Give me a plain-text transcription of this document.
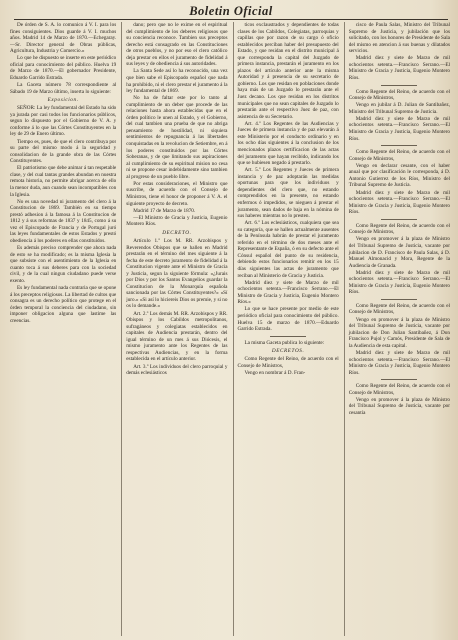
Boletin Oficial

De órden de S. A. lo comunico á V. I. para los fines consiguientes. Dios guarde á V. I. muchos años. Madrid 14 de Marzo de 1870.—Echegaray.—Sr. Director general de Obras públicas, Agricultura, Industria y Comercio.»

Lo que he dispuesto se inserte en este periódico oficial para conocimiento del público. Huelva 19 de Marzo de 1870.—El gobernador Presidente, Eduardo Garrido Estrada.

La Gaceta número 78 correspondiente al Sábado 19 de Marzo último, inserta lo siguiente:

Exposicion.

SEÑOR: La ley fundamental del Estado ha sido ya jurada por casi todos los funcionarios públicos, segun lo dispuesto por el Gobierno de V. A. y conforme á lo que las Córtes Constituyentes en la ley de 29 de Enero último.

Tiempo es, pues, de que el clero contribuya por su parte del mismo modo á la seguridad y consolidacion de la grande obra de las Córtes Constituyentes.

El patriotismo que debe animar á tan respetable clase, y del cual tantas grandes abundan en nuestra remota historia, no permite abrigar acerca de ello la menor duda, aun cuando sean incompatibles con la Iglesia.

No es una novedad ni juramento del clero á la Constitucion de 1869. También en su tiempo prestó adhesion á la famosa á la Constitucion de 1812 y á sus reformas de 1837 y 1845, como á su vez el Episcopado de Francia y de Portugal juró las leyes fundamentales de estos Estados y prestó obediencia á los poderes en ellas constituidos.

Es además preciso comprender que ahora nada de esto se ha modificado; es la misma Iglesia la que subsiste con el asentimiento de la Iglesia en cuanto toca á sus deberes para con la sociedad civil, y de la cual ningun ciudadano puede verse exento.

Es ley fundamental nada contraria que se opone á los preceptos religiosos. La libertad de cultos que consagra es un derecho político que protege en el órden temporal la conciencia del ciudadano, sin imponer obligacion alguna que lastime las creencias.

dano; pero que no le exime en el espiritual del cumplimiento de los deberes religiosos que su conciencia reconoce. Tambien sus preceptos derecho está consagrado en las Constituciones de otros pueblos, y no por eso el clero católico deja prestar en ellos el juramento de fidelidad á sus leyes y de obediencia á sus autoridades.

La Santa Sede así lo ha reconocido, una vez que bien sabe el Episcopado español que nada ha prohibido, ni el clero prestar el juramento á la ley fundamental de 1869.

No ha de faltar este por lo tanto al cumplimiento de un deber que procede de las relaciones hasta ahora establecidas que en el órden político le unen al Estado, y el Gobierno, del cual tambien una prueba de que no abriga pensamiento de hostilidad, ni siquiera sentimientos de repugnancia á las libertades conquistadas en la revolucion de Setiembre, en á los poderes constituidos por las Córtes Soberanas, y de que limitando sus aspiraciones al cumplimiento de su espiritual mision no cesa ni se propone cesar indebidamente sino tambien al progreso de un pueblo libre.

Por estas consideraciones, el Ministro que suscribe, de acuerdo con el Consejo de Ministros, tiene el honor de proponer á V. A. el siguiente proyecto de decreto.

Madrid 17 de Marzo de 1870.

—El Ministro de Gracia y Justicia, Eugenio Montero Ríos.

DECRETO.

Artículo 1.º Los M. RR. Arzobispos y Reverendos Obispos que se hallen en Madrid prestarán en el término del mes siguiente á la fecha de este decreto juramento de fidelidad á la Constitucion vigente ante el Ministro de Gracia y Justicia, segun la siguiente fórmula: «¿Jurais por Dios y por los Santos Evangelios guardar la Constitucion de la Monarquía española sancionada por las Córtes Constituyentes?» «Sí juro.» «Si así lo hiciereis Dios os premie, y si no os lo demande.»

Art. 2.º Los demás M. RR. Arzobispos y RR. Obispos y los Cabildos metropolitanos, sufragáneos y colegiatas establecidos en capitales de Audiencia prestarán, dentro del igual término de un mes á sus Diócesis, el mismo juramento ante los Regentes de las respectivas Audiencias, y en la forma establecida en el artículo anterior.

Art. 3.º Los individuos del clero parroquial y demás eclesiásticos

ticos exclaustrados y dependientes de todas clases de los Cabildos, Colegiatas, parroquias y capillas que por razon de su cargo ó oficio establecidos perciban haber del presupuesto del Estado, y que residan en el distrito municipal á que corresponda la capital del Juzgado de primera instancia, prestarán el juramento en los plazos del artículo anterior ante la misma Autoridad y á presencia de su secretario de gobierno. Los que residan en poblaciones donde haya más de un Juzgado lo prestarán ante el Juez decano. Los que residan en los distritos municipales que no sean capitales de Juzgado lo prestarán ante el respectivo Juez de paz, con asistencia de su Secretario.

Art. 4.º Los Regentes de las Audiencias y Jueces de primera instancia y de paz elevarán á este Ministerio por el conducto ordinario y en los ocho días siguientes á la conclusion de los mencionados plazos certificacion de las actas del juramento que hayan recibido, indicando los que se hubiesen negado á prestarlo.

Art. 5.º Los Regentes y Jueces de primera instancia y de paz adoptarán las medidas oportunas para que los individuos y dependientes del clero que, no estando comprendidos en la presente, no estando enfermos ó impedidos, se nieguen á prestar el juramento, sean dados de baja en la nómina de sus haberes mientras no lo presten.

Art. 6.º Los eclesiásticos, cualquiera que sea su categoría, que se hallen actualmente ausentes de la Península habrán de prestar el juramento referido en el término de dos meses ante el Representante de España, ó en su defecto ante el Cónsul español del punto de su residencia, debiendo estos funcionarios remitir en los 15 días siguientes las actas de juramento que reciban al Ministerio de Gracia y Justicia.

Madrid diez y siete de Marzo de mil ochocientos setenta.—Francisco Serrano.—El Ministro de Gracia y Justicia, Eugenio Montero Ríos.»

Lo que se hace presente por medio de este periódico oficial para conocimiento del público. Huelva 15 de marzo de 1870.—Eduardo Garrido Estrada.

La misma Gaceta publica lo siguiente:

DECRETOS.

Como Regente del Reino, de acuerdo con el Consejo de Ministros,

Vengo en nombrar á D. Fran-

cisco de Paula Salas, Ministro del Tribunal Supremo de Justicia, y jubilación que los solicitado, con los honores de Presidente de Sala del mismo en atencion á sus buenas y dilatados servicios.

Madrid diez y siete de Marzo de mil ochocientos setenta.—Francisco Serrano.—El Ministro de Gracia y Justicia, Eugenio Montero Ríos.

Como Regente del Reino, de acuerdo con el Consejo de Ministros,

Vengo en jubilar á D. Julian de Santibañez, Ministro del Tribunal Supremo de Justicia.

Madrid diez y siete de Marzo de mil ochocientos setenta.—Francisco Serrano.—El Ministro de Gracia y Justicia, Eugenio Montero Ríos.

Como Regente del Reino, de acuerdo con el Consejo de Ministros,

Vengo en declarar cesante, con el haber anual que por clasificación le corresponda, á D. Antonio Gutierrez de los Ríos, Ministro del Tribunal Supremo de Justicia.

Madrid diez y siete de Marzo de mil ochocientos setenta.—Francisco Serrano.—El Ministro de Gracia y Justicia, Eugenio Montero Ríos.

Como Regente del Reino, de acuerdo con el Consejo de Ministros,

Vengo en promover á la plaza de Ministro del Tribunal Supremo de Justicia, vacante por jubilacion de D. Francisco de Paula Salas, á D. Manuel Almonacid y Mora, Regente de la Audiencia de Granada.

Madrid diez y siete de Marzo de mil ochocientos setenta.—Francisco Serrano.—El Ministro de Gracia y Justicia, Eugenio Montero Ríos.

Como Regente del Reino, de acuerdo con el Consejo de Ministros,

Vengo en promover á la plaza de Ministro del Tribunal Supremo de Justicia, vacante por jubilacion de Don Julian Santibañez, á Don Francisco Pujol y Camós, Presidente de Sala de la Audiencia de esta capital.

Madrid diez y siete de Marzo de mil ochocientos setenta.—Francisco Serrano.—El Ministro de Gracia y Justicia, Eugenio Montero Ríos.

Como Regente del Reino, de acuerdo con el Consejo de Ministros,

Vengo en promover á la plaza de Ministro del Tribunal Supremo de Justicia, vacante por cesantía
